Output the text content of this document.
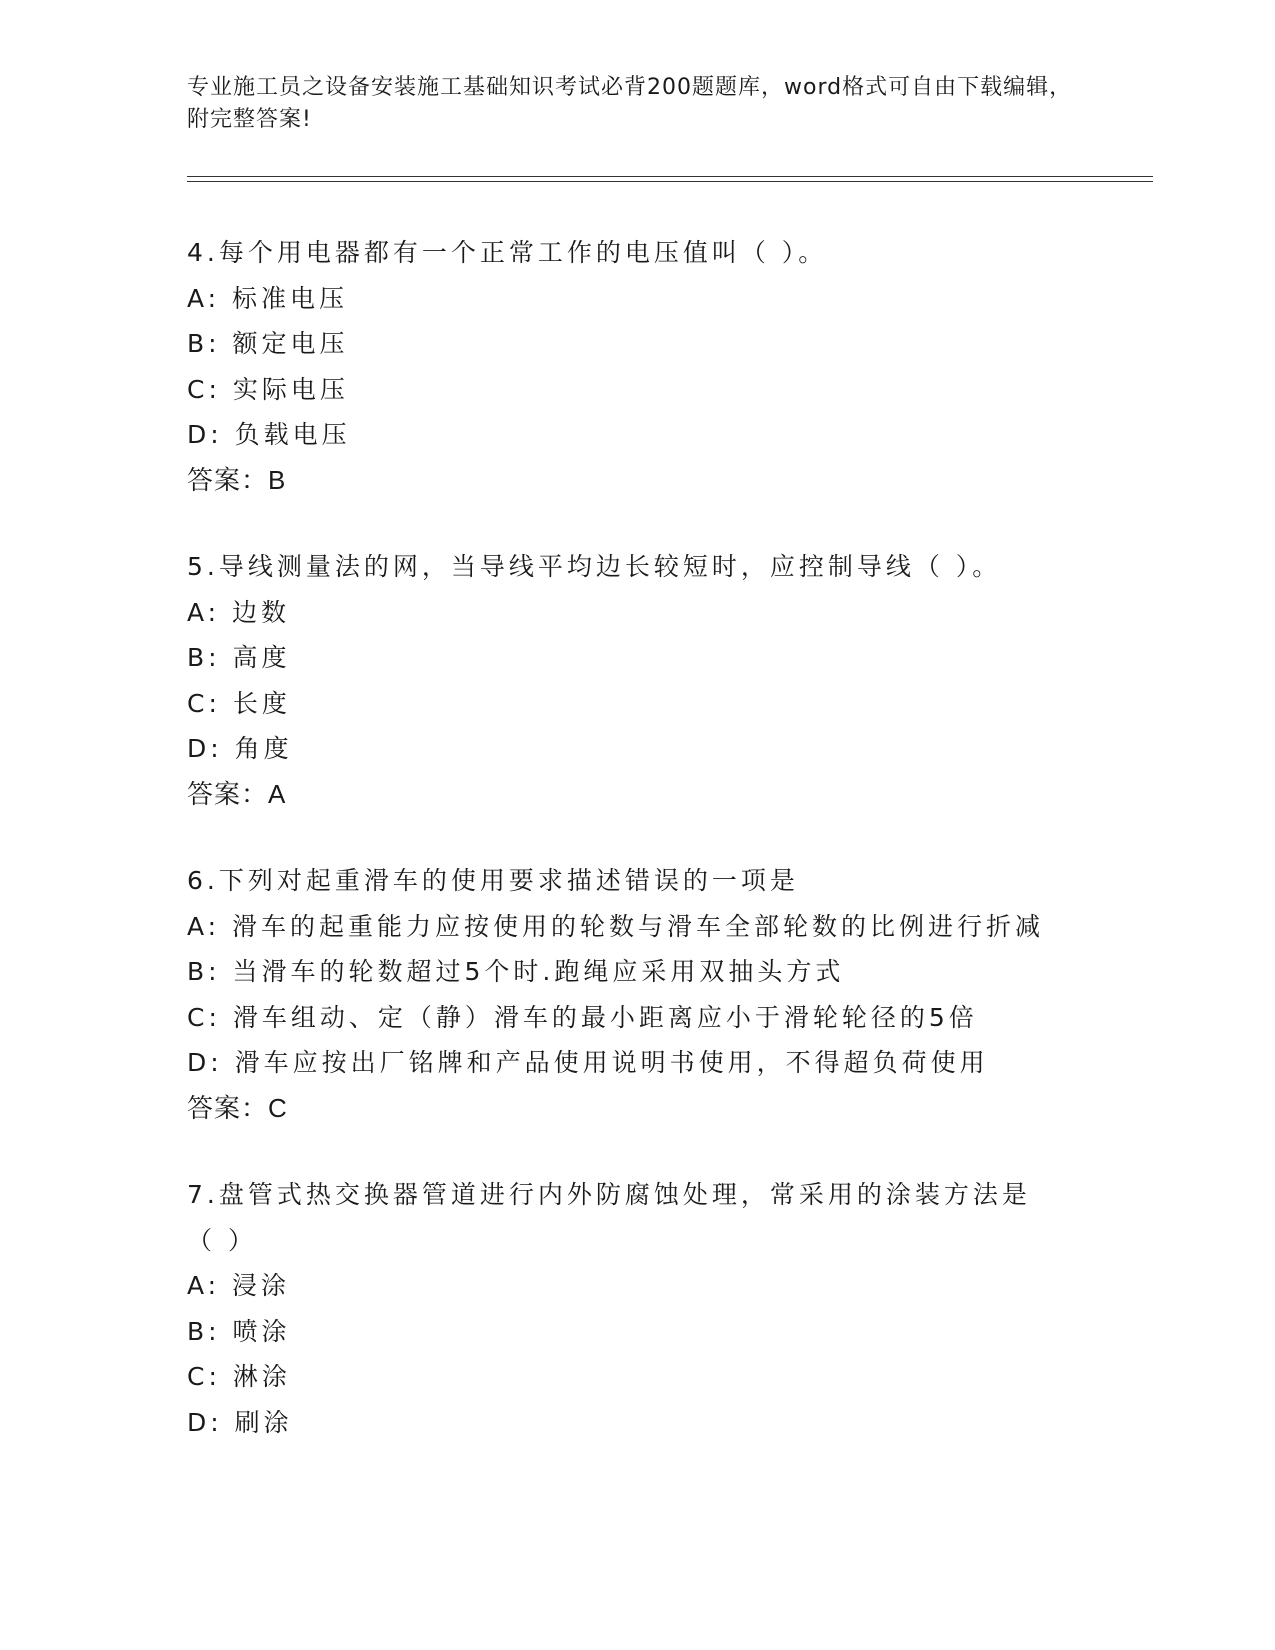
专业施工员之设备安装施工基础知识考试必背200题题库，word格式可自由下载编辑，附完整答案!
4.每个用电器都有一个正常工作的电压值叫（ ）。
A: 标准电压
B: 额定电压
C: 实际电压
D: 负载电压
答案：B
5.导线测量法的网，当导线平均边长较短时，应控制导线（ ）。
A: 边数
B: 高度
C: 长度
D: 角度
答案：A
6.下列对起重滑车的使用要求描述错误的一项是
A: 滑车的起重能力应按使用的轮数与滑车全部轮数的比例进行折减
B: 当滑车的轮数超过5个时.跑绳应采用双抽头方式
C: 滑车组动、定（静）滑车的最小距离应小于滑轮轮径的5倍
D: 滑车应按出厂铭牌和产品使用说明书使用，不得超负荷使用
答案：C
7.盘管式热交换器管道进行内外防腐蚀处理，常采用的涂装方法是（ ）
A: 浸涂
B: 喷涂
C: 淋涂
D: 刷涂
